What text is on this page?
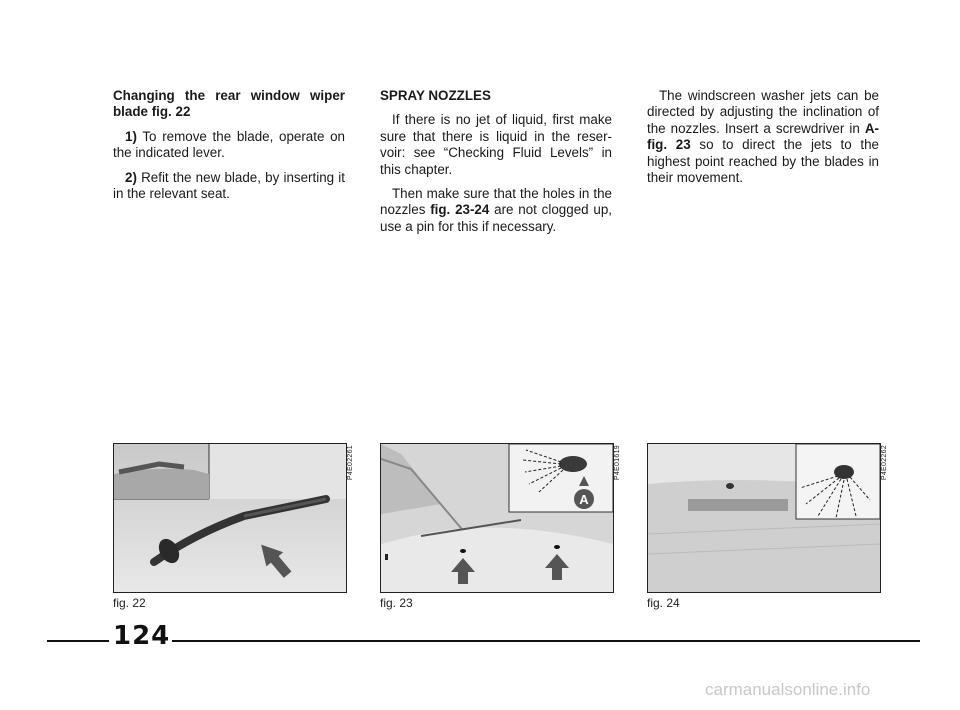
Changing the rear window wiper blade fig. 22

1) To remove the blade, operate on the indicated lever.

2) Refit the new blade, by inserting it in the relevant seat.

SPRAY NOZZLES

If there is no jet of liquid, first make sure that there is liquid in the reser-voir: see “Checking Fluid Levels” in this chapter.

Then make sure that the holes in the nozzles fig. 23-24 are not clogged up, use a pin for this if necessary.

The windscreen washer jets can be directed by adjusting the inclination of the nozzles. Insert a screwdriver in A-fig. 23 so to direct the jets to the highest point reached by the blades in their movement.

P4E02261
fig. 22
A
P4E01619
fig. 23
P4E02262
fig. 24
124
carmanualsonline.info
